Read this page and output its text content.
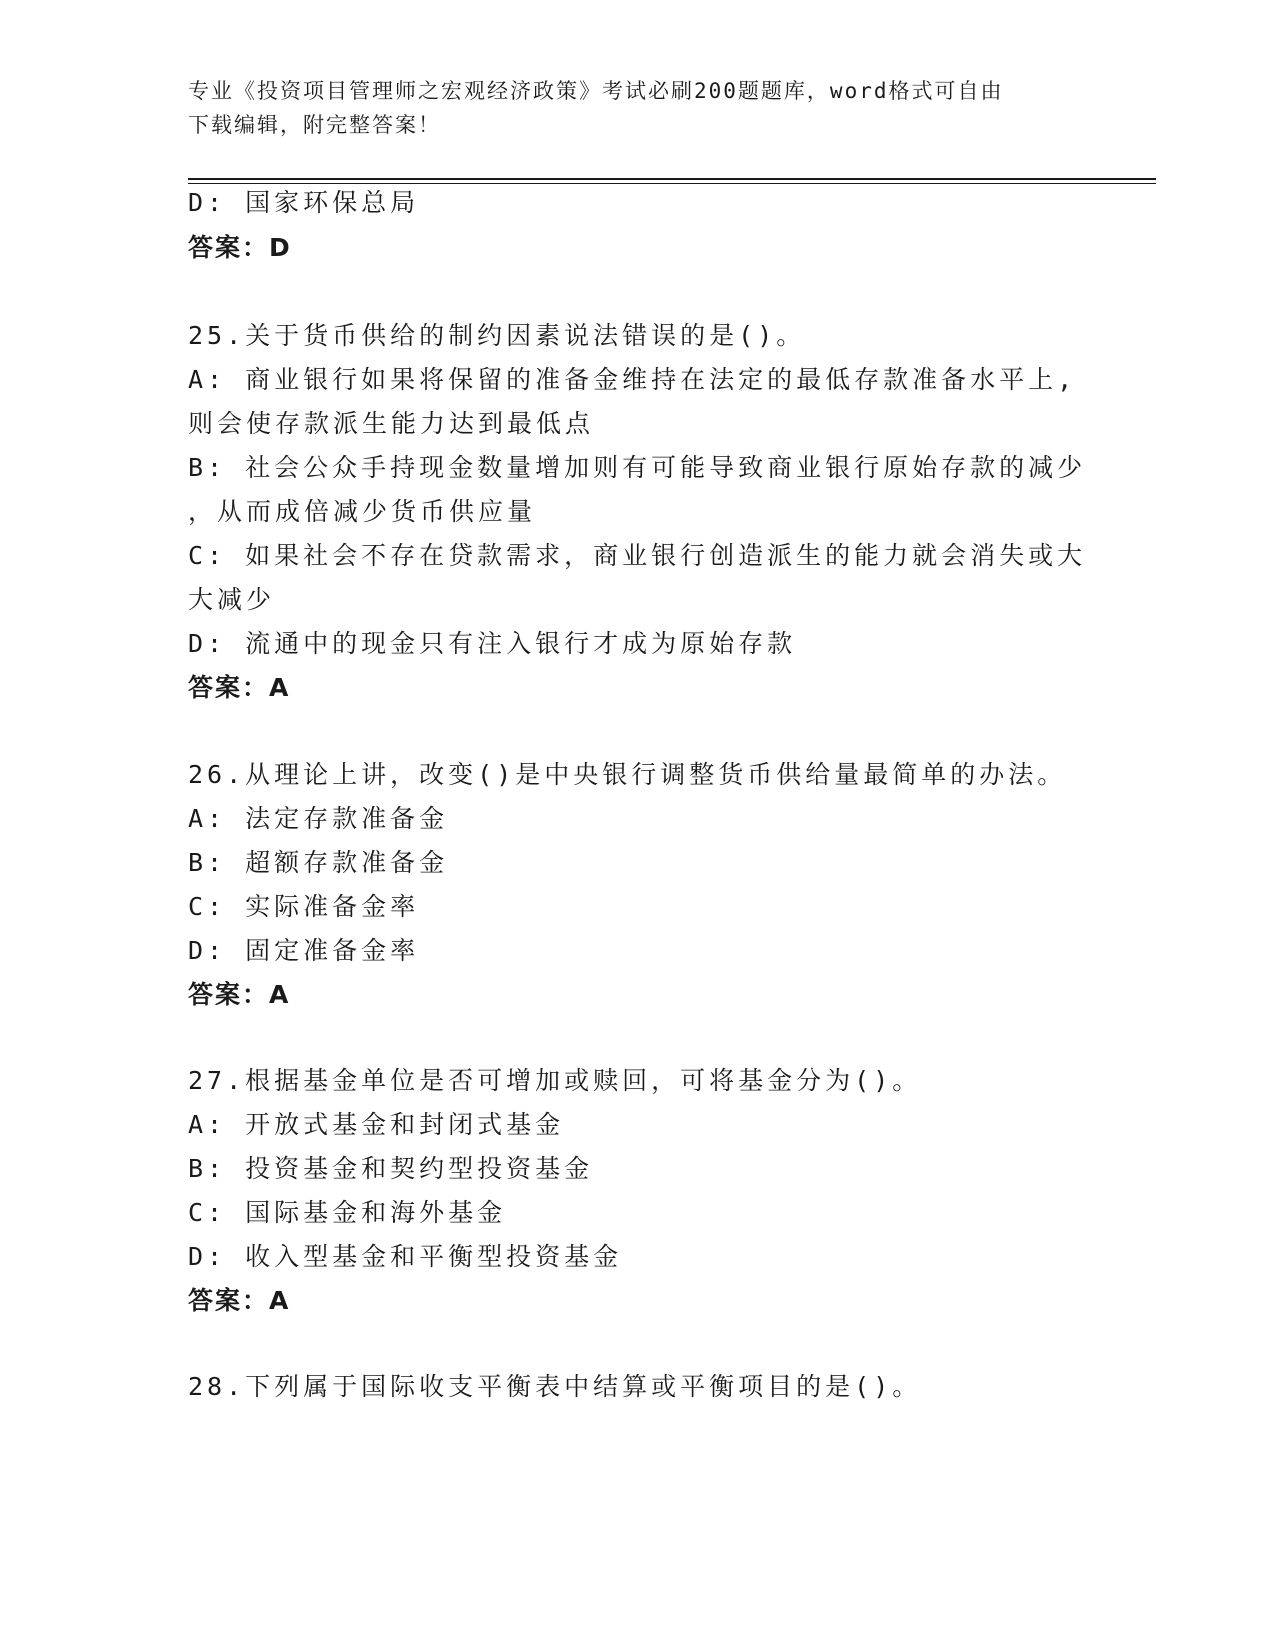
专业《投资项目管理师之宏观经济政策》考试必刷200题题库，word格式可自由
下载编辑，附完整答案！
D: 国家环保总局
答案：D
25.关于货币供给的制约因素说法错误的是()。
A: 商业银行如果将保留的准备金维持在法定的最低存款准备水平上,
则会使存款派生能力达到最低点
B: 社会公众手持现金数量增加则有可能导致商业银行原始存款的减少
，从而成倍减少货币供应量
C: 如果社会不存在贷款需求，商业银行创造派生的能力就会消失或大
大减少
D: 流通中的现金只有注入银行才成为原始存款
答案：A
26.从理论上讲，改变()是中央银行调整货币供给量最简单的办法。
A: 法定存款准备金
B: 超额存款准备金
C: 实际准备金率
D: 固定准备金率
答案：A
27.根据基金单位是否可增加或赎回，可将基金分为()。
A: 开放式基金和封闭式基金
B: 投资基金和契约型投资基金
C: 国际基金和海外基金
D: 收入型基金和平衡型投资基金
答案：A
28.下列属于国际收支平衡表中结算或平衡项目的是()。
